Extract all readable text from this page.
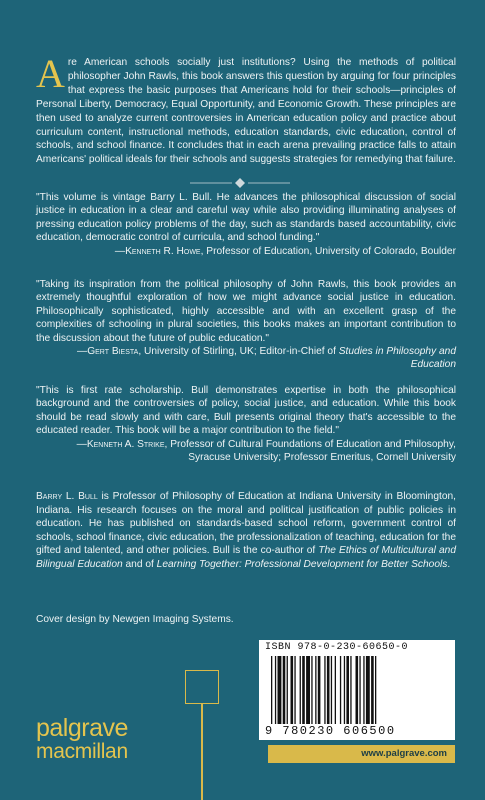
Are American schools socially just institutions? Using the methods of political philosopher John Rawls, this book answers this question by arguing for four principles that express the basic purposes that Americans hold for their schools—principles of Personal Liberty, Democracy, Equal Opportunity, and Economic Growth. These principles are then used to analyze current controversies in American education policy and practice about curriculum content, instructional methods, education standards, civic education, control of schools, and school finance. It concludes that in each arena prevailing practice falls to attain Americans' political ideals for their schools and suggests strategies for remedying that failure.
"This volume is vintage Barry L. Bull. He advances the philosophical discussion of social justice in education in a clear and careful way while also providing illuminating analyses of pressing education policy problems of the day, such as standards based accountability, civic education, democratic control of curricula, and school funding."
—Kenneth R. Howe, Professor of Education, University of Colorado, Boulder
"Taking its inspiration from the political philosophy of John Rawls, this book provides an extremely thoughtful exploration of how we might advance social justice in education. Philosophically sophisticated, highly accessible and with an excellent grasp of the complexities of schooling in plural societies, this books makes an important contribution to the discussion about the future of public education."
—Gert Biesta, University of Stirling, UK; Editor-in-Chief of Studies in Philosophy and Education
"This is first rate scholarship. Bull demonstrates expertise in both the philosophical background and the controversies of policy, social justice, and education. While this book should be read slowly and with care, Bull presents original theory that's accessible to the educated reader. This book will be a major contribution to the field."
—Kenneth A. Strike, Professor of Cultural Foundations of Education and Philosophy, Syracuse University; Professor Emeritus, Cornell University
Barry L. Bull is Professor of Philosophy of Education at Indiana University in Bloomington, Indiana. His research focuses on the moral and political justification of public policies in education. He has published on standards-based school reform, government control of schools, school finance, civic education, the professionalization of teaching, education for the gifted and talented, and other policies. Bull is the co-author of The Ethics of Multicultural and Bilingual Education and of Learning Together: Professional Development for Better Schools.
Cover design by Newgen Imaging Systems.
palgrave
macmillan
ISBN 978-0-230-60650-0
9 780230 606500
www.palgrave.com
